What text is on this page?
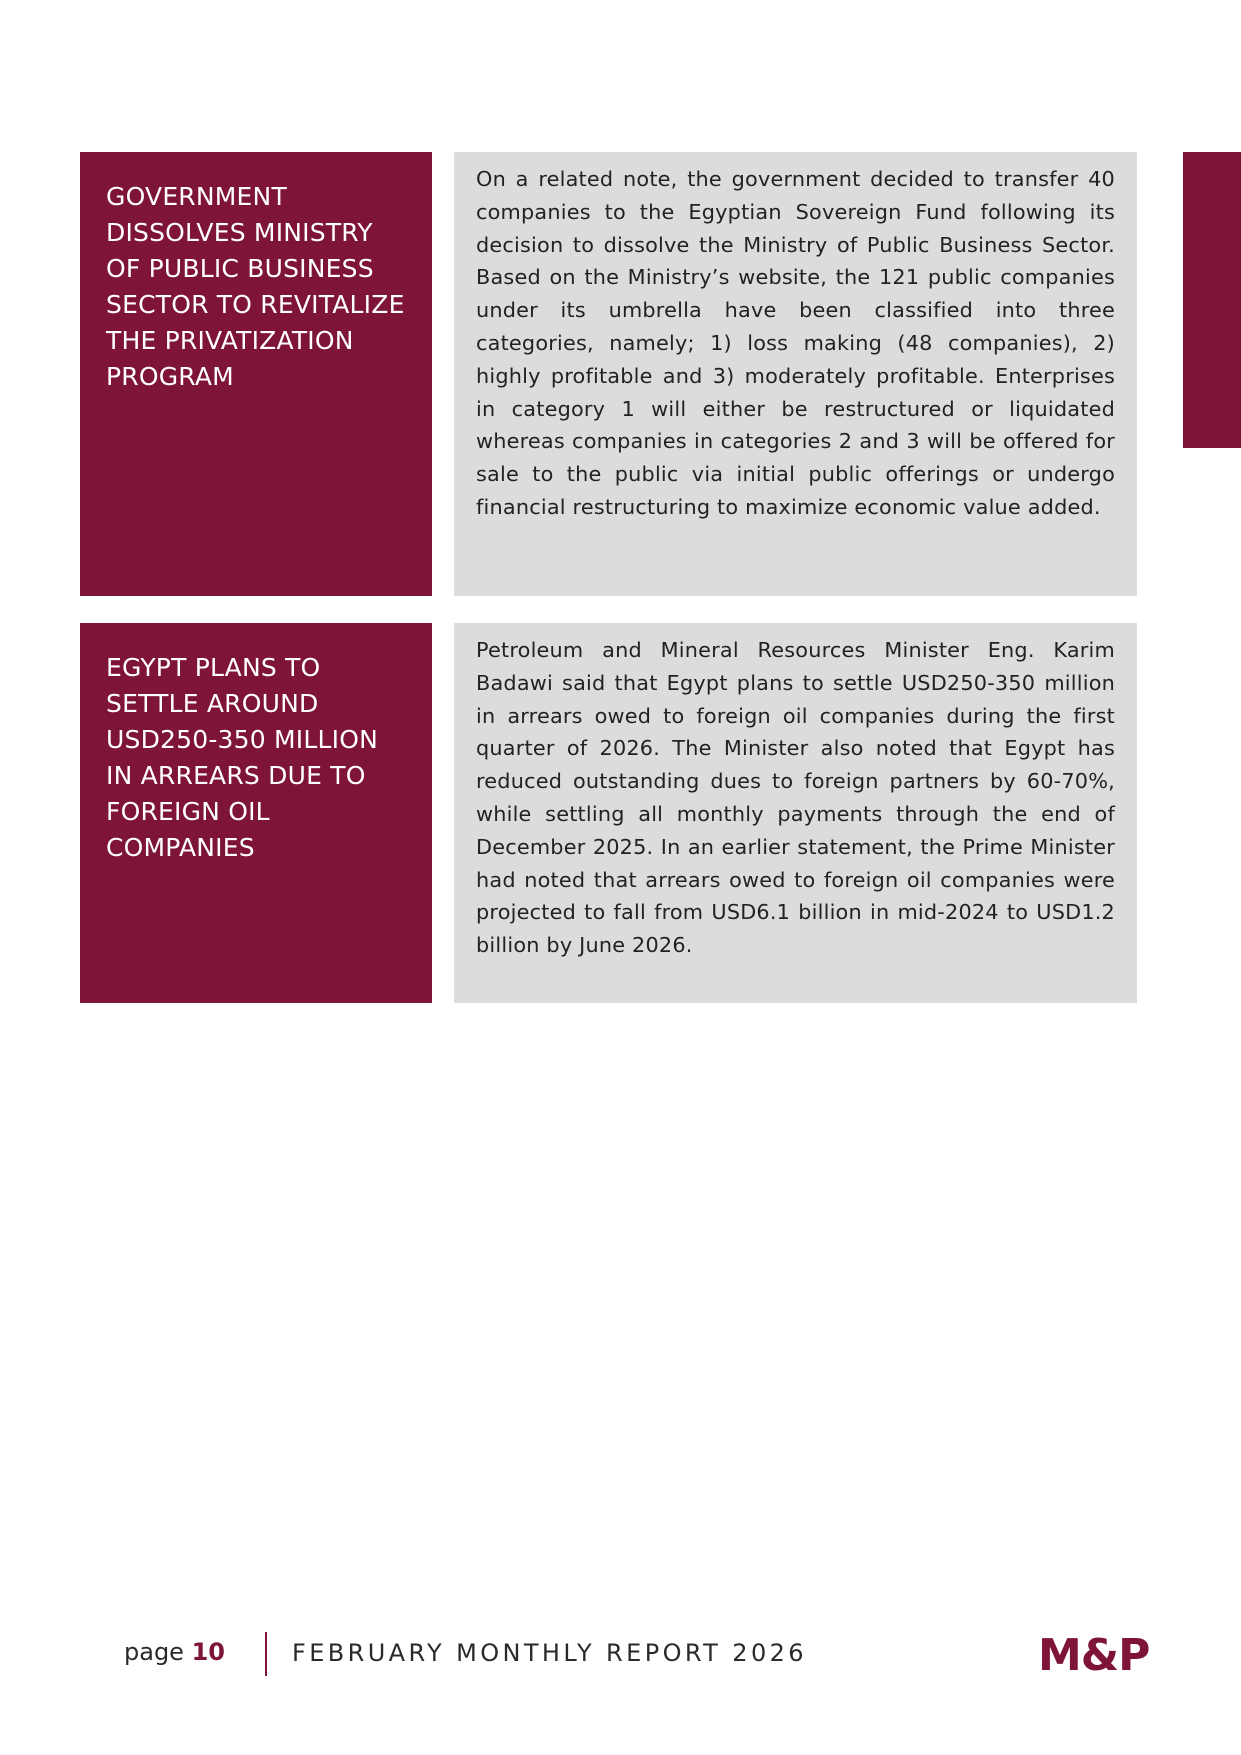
GOVERNMENT DISSOLVES MINISTRY OF PUBLIC BUSINESS SECTOR TO REVITALIZE THE PRIVATIZATION PROGRAM
On a related note, the government decided to transfer 40 companies to the Egyptian Sovereign Fund following its decision to dissolve the Ministry of Public Business Sector. Based on the Ministry’s website, the 121 public companies under its umbrella have been classified into three categories, namely; 1) loss making (48 companies), 2) highly profitable and 3) moderately profitable. Enterprises in category 1 will either be restructured or liquidated whereas companies in categories 2 and 3 will be offered for sale to the public via initial public offerings or undergo financial restructuring to maximize economic value added.
EGYPT PLANS TO SETTLE AROUND USD250-350 MILLION IN ARREARS DUE TO FOREIGN OIL COMPANIES
Petroleum and Mineral Resources Minister Eng. Karim Badawi said that Egypt plans to settle USD250-350 million in arrears owed to foreign oil companies during the first quarter of 2026. The Minister also noted that Egypt has reduced outstanding dues to foreign partners by 60-70%, while settling all monthly payments through the end of December 2025. In an earlier statement, the Prime Minister had noted that arrears owed to foreign oil companies were projected to fall from USD6.1 billion in mid-2024 to USD1.2 billion by June 2026.
page 10	FEBRUARY MONTHLY REPORT 2026	M&P
